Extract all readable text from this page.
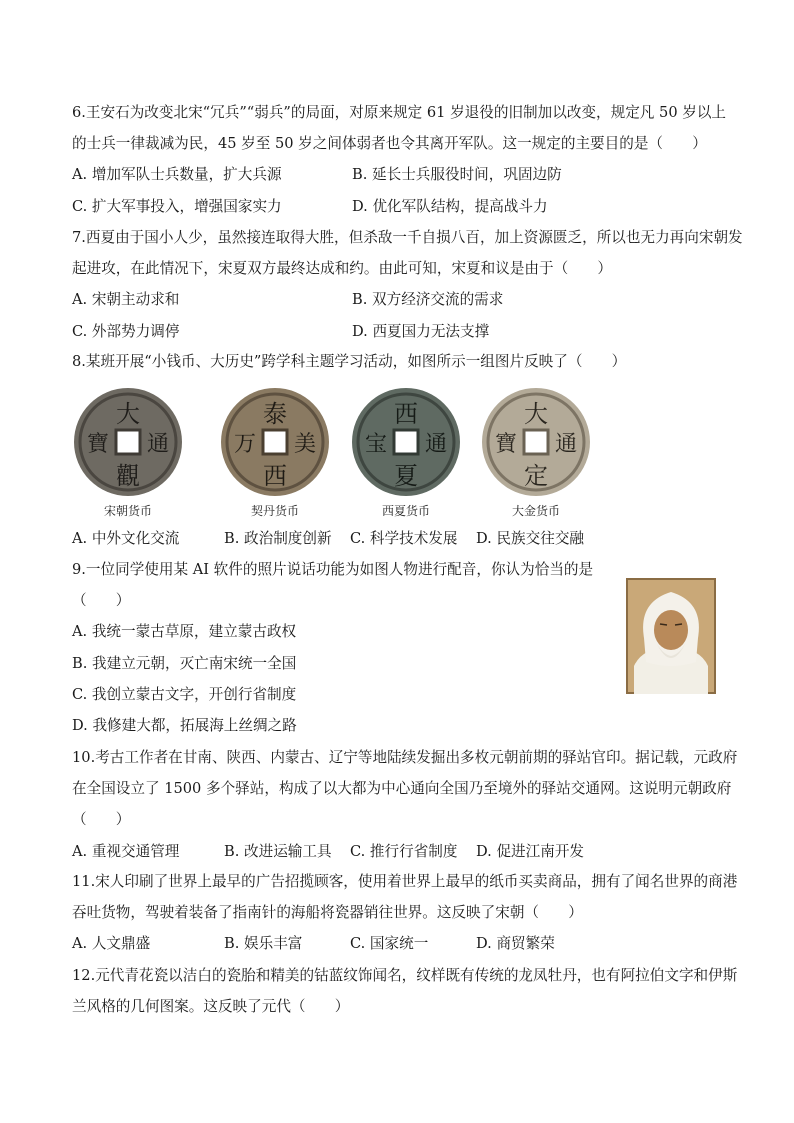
6.王安石为改变北宋“冗兵”“弱兵”的局面，对原来规定 61 岁退役的旧制加以改变，规定凡 50 岁以上
的士兵一律裁减为民，45 岁至 50 岁之间体弱者也令其离开军队。这一规定的主要目的是（　　）
A. 增加军队士兵数量，扩大兵源	B. 延长士兵服役时间，巩固边防
C. 扩大军事投入，增强国家实力	D. 优化军队结构，提高战斗力
7.西夏由于国小人少，虽然接连取得大胜，但杀敌一千自损八百，加上资源匮乏，所以也无力再向宋朝发
起进攻，在此情况下，宋夏双方最终达成和约。由此可知，宋夏和议是由于（　　）
A. 宋朝主动求和	B. 双方经济交流的需求
C. 外部势力调停	D. 西夏国力无法支撑
8.某班开展“小钱币、大历史”跨学科主题学习活动，如图所示一组图片反映了（　　）
大
觀
通
寶
宋朝货币
泰
西
万 美
契丹货币
西
夏
通
宝
西夏货币
大
定
通
寶
大金货币
A. 中外文化交流	B. 政治制度创新	C. 科学技术发展	D. 民族交往交融
9.一位同学使用某 AI 软件的照片说话功能为如图人物进行配音，你认为恰当的是
（　　）
A. 我统一蒙古草原，建立蒙古政权
B. 我建立元朝，灭亡南宋统一全国
C. 我创立蒙古文字，开创行省制度
D. 我修建大都，拓展海上丝绸之路
10.考古工作者在甘南、陕西、内蒙古、辽宁等地陆续发掘出多枚元朝前期的驿站官印。据记载，元政府
在全国设立了 1500 多个驿站，构成了以大都为中心通向全国乃至境外的驿站交通网。这说明元朝政府
（　　）
A. 重视交通管理	B. 改进运输工具	C. 推行行省制度	D. 促进江南开发
11.宋人印刷了世界上最早的广告招揽顾客，使用着世界上最早的纸币买卖商品，拥有了闻名世界的商港
吞吐货物，驾驶着装备了指南针的海船将瓷器销往世界。这反映了宋朝（　　）
A. 人文鼎盛	B. 娱乐丰富	C. 国家统一	D. 商贸繁荣
12.元代青花瓷以洁白的瓷胎和精美的钴蓝纹饰闻名，纹样既有传统的龙凤牡丹，也有阿拉伯文字和伊斯
兰风格的几何图案。这反映了元代（　　）
